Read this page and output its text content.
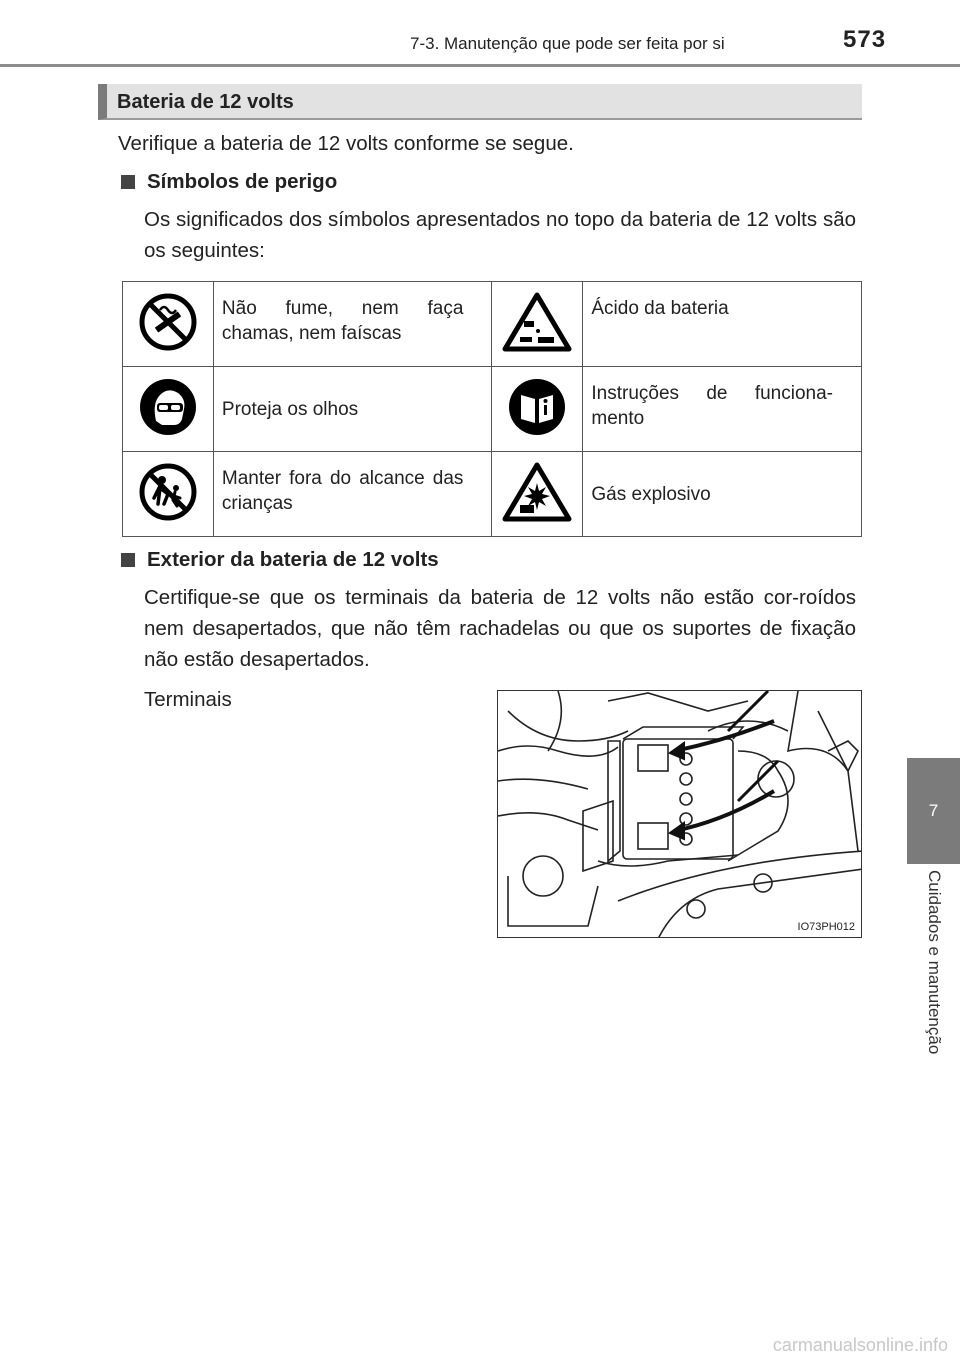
7-3. Manutenção que pode ser feita por si	573
7
Cuidados e manutenção
Bateria de 12 volts
Verifique a bateria de 12 volts conforme se segue.
Símbolos de perigo
Os significados dos símbolos apresentados no topo da bateria de 12 volts são os seguintes:
	Não fume, nem faça chamas, nem faíscas		Ácido da bateria
	Proteja os olhos		Instruções de funciona-mento
	Manter fora do alcance das crianças		Gás explosivo
Exterior da bateria de 12 volts
Certifique-se que os terminais da bateria de 12 volts não estão cor-roídos nem desapertados, que não têm rachadelas ou que os suportes de fixação não estão desapertados.
Terminais
IO73PH012
carmanualsonline.info
